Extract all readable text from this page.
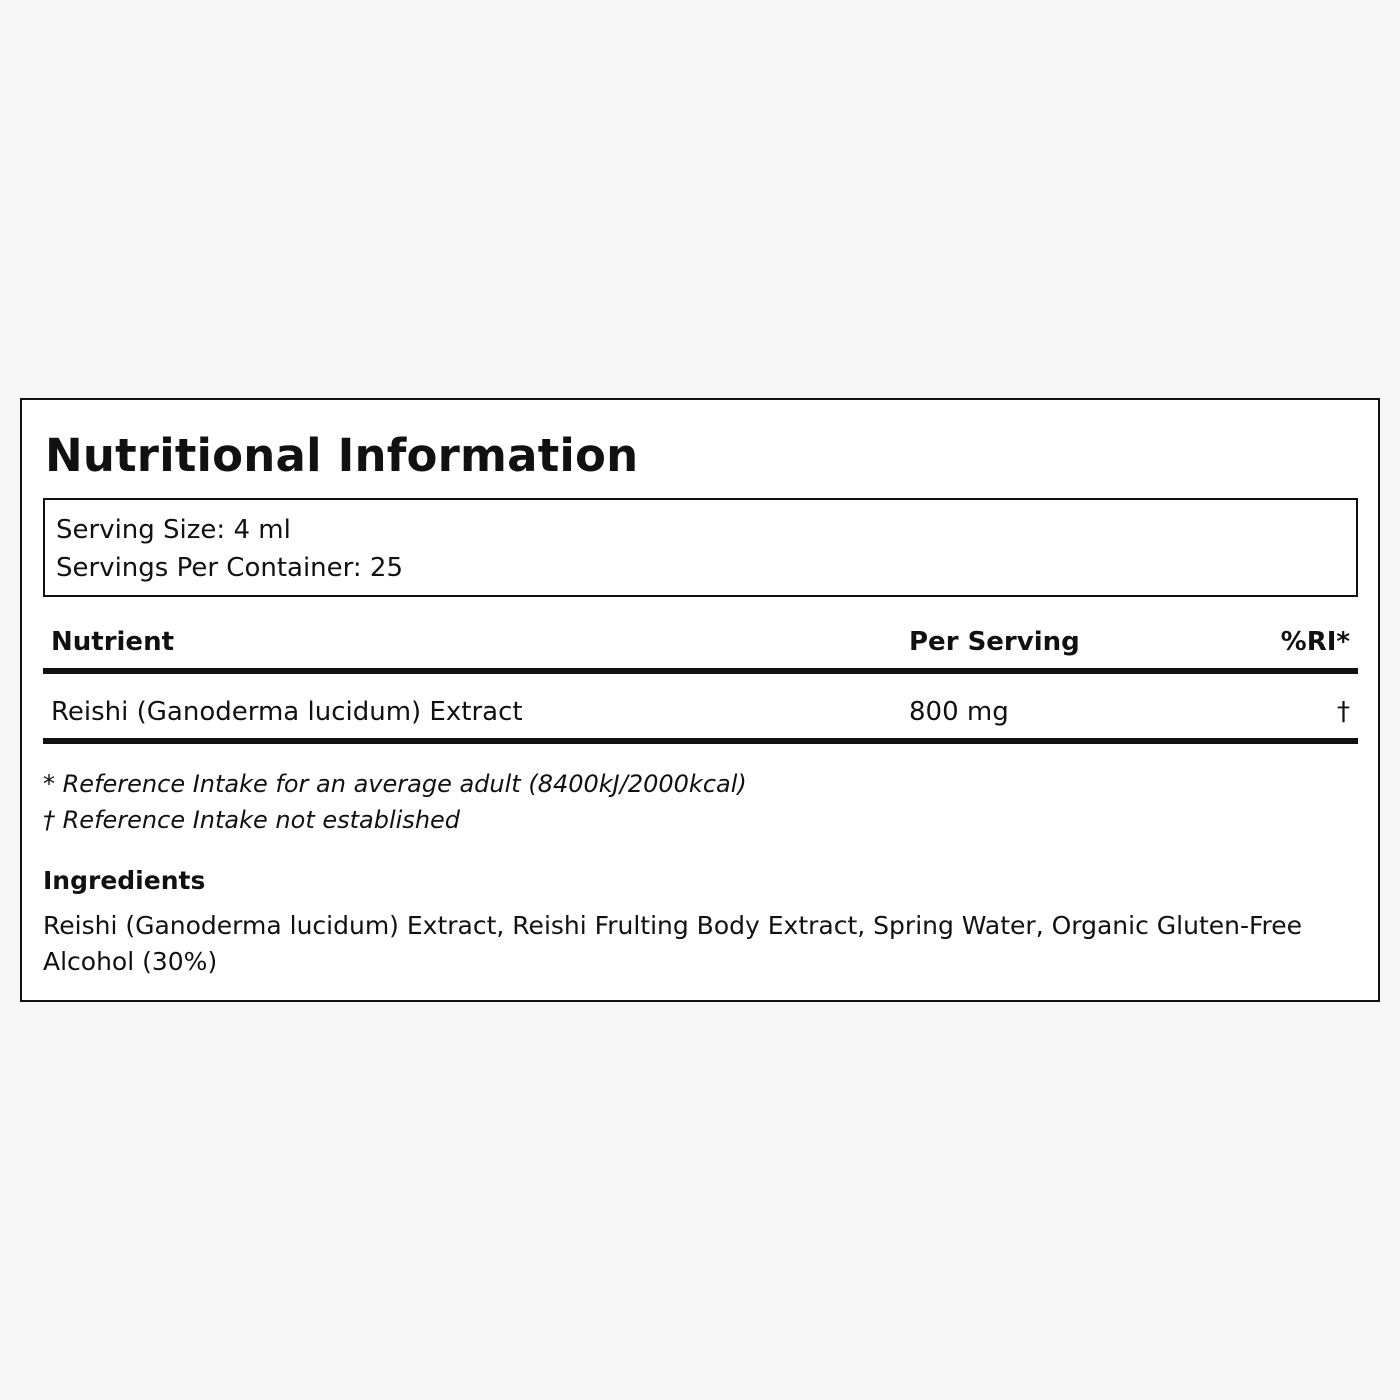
Nutritional Information
Serving Size: 4 ml
Servings Per Container: 25
Nutrient	Per Serving	%RI*
Reishi (Ganoderma lucidum) Extract	800 mg	†
* Reference Intake for an average adult (8400kJ/2000kcal)
† Reference Intake not established
Ingredients

Reishi (Ganoderma lucidum) Extract, Reishi Frulting Body Extract, Spring Water, Organic Gluten-Free Alcohol (30%)
